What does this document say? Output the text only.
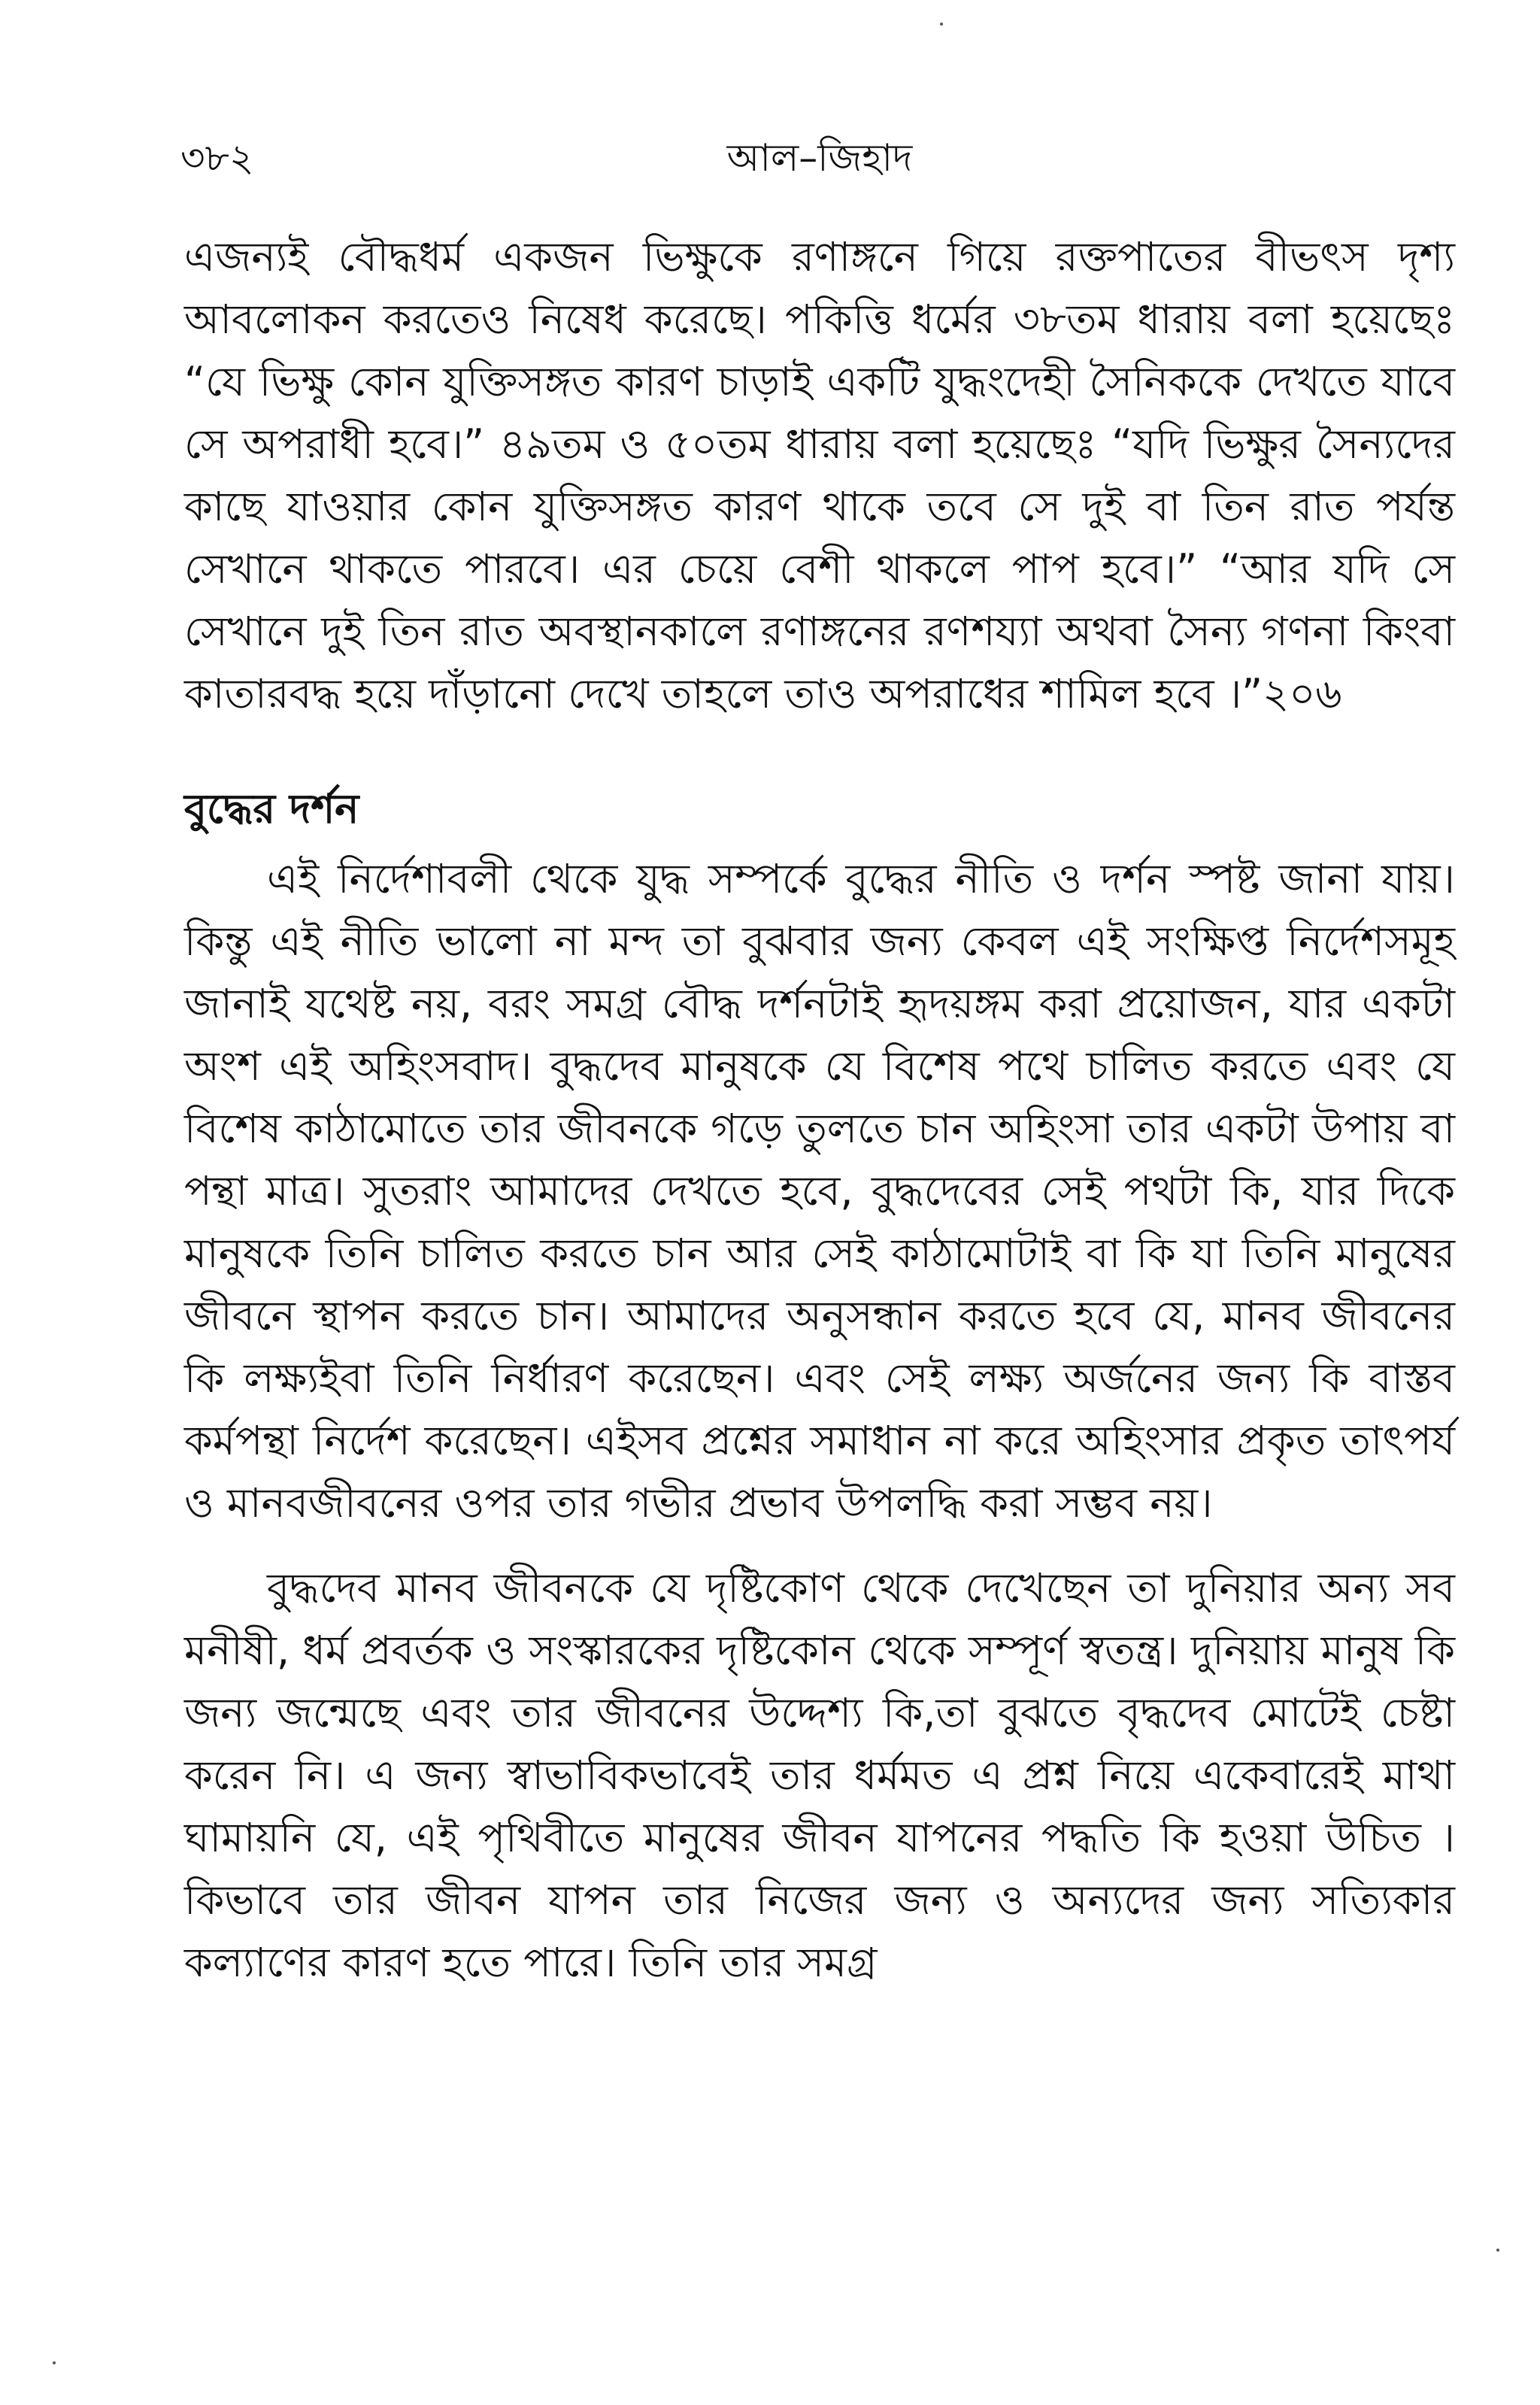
৩৮২	আল–জিহাদ

এজন্যই বৌদ্ধধর্ম একজন ভিক্ষুকে রণাঙ্গনে গিয়ে রক্তপাতের বীভৎস দৃশ্য আবলোকন করতেও নিষেধ করেছে। পকিত্তি ধর্মের ৩৮তম ধারায় বলা হয়েছেঃ “যে ভিক্ষু কোন যুক্তিসঙ্গত কারণ চাড়াই একটি যুদ্ধংদেহী সৈনিককে দেখতে যাবে সে অপরাধী হবে।” ৪৯তম ও ৫০তম ধারায় বলা হয়েছেঃ “যদি ভিক্ষুর সৈন্যদের কাছে যাওয়ার কোন যুক্তিসঙ্গত কারণ থাকে তবে সে দুই বা তিন রাত পর্যন্ত সেখানে থাকতে পারবে। এর চেয়ে বেশী থাকলে পাপ হবে।” “আর যদি সে সেখানে দুই তিন রাত অবস্থানকালে রণাঙ্গনের রণশয্যা অথবা সৈন্য গণনা কিংবা কাতারবদ্ধ হয়ে দাঁড়ানো দেখে তাহলে তাও অপরাধের শামিল হবে ।”২০৬

বুদ্ধের দর্শন

এই নির্দেশাবলী থেকে যুদ্ধ সম্পর্কে বুদ্ধের নীতি ও দর্শন স্পষ্ট জানা যায়। কিন্তু এই নীতি ভালো না মন্দ তা বুঝবার জন্য কেবল এই সংক্ষিপ্ত নির্দেশসমূহ জানাই যথেষ্ট নয়, বরং সমগ্র বৌদ্ধ দর্শনটাই হৃদয়ঙ্গম করা প্রয়োজন, যার একটা অংশ এই অহিংসবাদ। বুদ্ধদেব মানুষকে যে বিশেষ পথে চালিত করতে এবং যে বিশেষ কাঠামোতে তার জীবনকে গড়ে তুলতে চান অহিংসা তার একটা উপায় বা পন্থা মাত্র। সুতরাং আমাদের দেখতে হবে, বুদ্ধদেবের সেই পথটা কি, যার দিকে মানুষকে তিনি চালিত করতে চান আর সেই কাঠামোটাই বা কি যা তিনি মানুষের জীবনে স্থাপন করতে চান। আমাদের অনুসন্ধান করতে হবে যে, মানব জীবনের কি লক্ষ্যইবা তিনি নির্ধারণ করেছেন। এবং সেই লক্ষ্য অর্জনের জন্য কি বাস্তব কর্মপন্থা নির্দেশ করেছেন। এইসব প্রশ্নের সমাধান না করে অহিংসার প্রকৃত তাৎপর্য ও মানবজীবনের ওপর তার গভীর প্রভাব উপলদ্ধি করা সম্ভব নয়।

বুদ্ধদেব মানব জীবনকে যে দৃষ্টিকোণ থেকে দেখেছেন তা দুনিয়ার অন্য সব মনীষী, ধর্ম প্রবর্তক ও সংস্কারকের দৃষ্টিকোন থেকে সম্পূর্ণ স্বতন্ত্র। দুনিয়ায় মানুষ কি জন্য জন্মেছে এবং তার জীবনের উদ্দেশ্য কি,তা বুঝতে বৃদ্ধদেব মোটেই চেষ্টা করেন নি। এ জন্য স্বাভাবিকভাবেই তার ধর্মমত এ প্রশ্ন নিয়ে একেবারেই মাথা ঘামায়নি যে, এই পৃথিবীতে মানুষের জীবন যাপনের পদ্ধতি কি হওয়া উচিত । কিভাবে তার জীবন যাপন তার নিজের জন্য ও অন্যদের জন্য সত্যিকার কল্যাণের কারণ হতে পারে। তিনি তার সমগ্র
